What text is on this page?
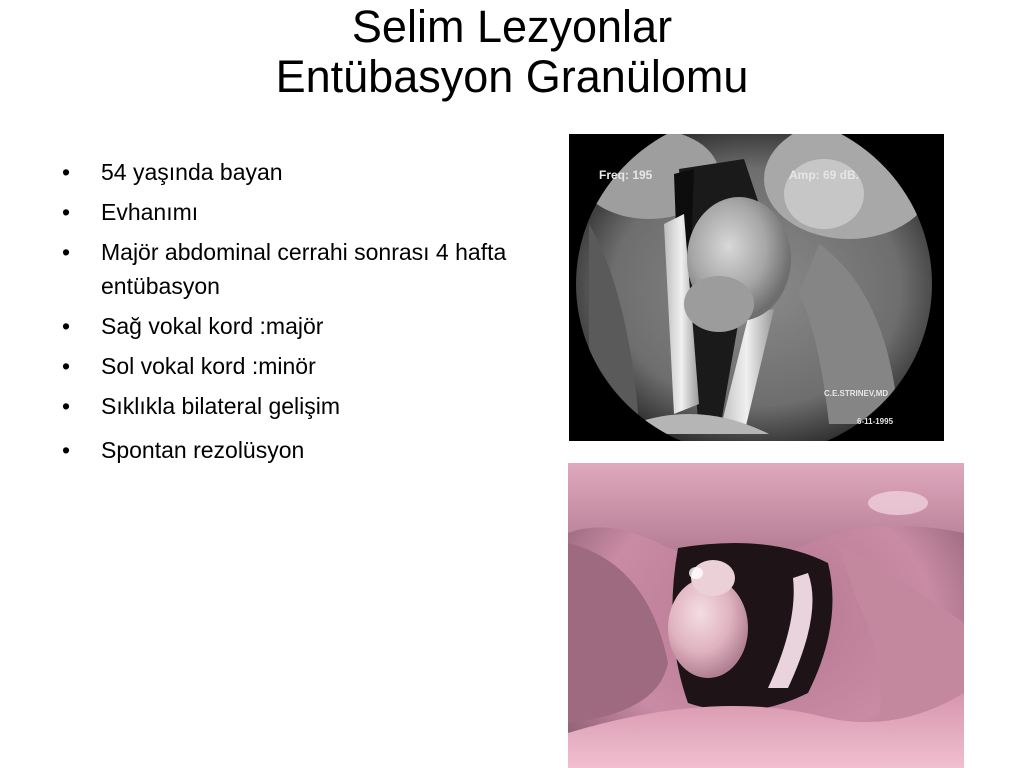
Selim Lezyonlar
Entübasyon Granülomu
• 54 yaşında bayan
• Evhanımı
• Majör abdominal cerrahi sonrası 4 hafta entübasyon
• Sağ vokal kord :majör
• Sol vokal kord :minör
• Sıklıkla bilateral gelişim
• Spontan rezolüsyon
Freq: 195	Amp: 69 dB.
C.E.STRINEV,MD
6-11-1995
